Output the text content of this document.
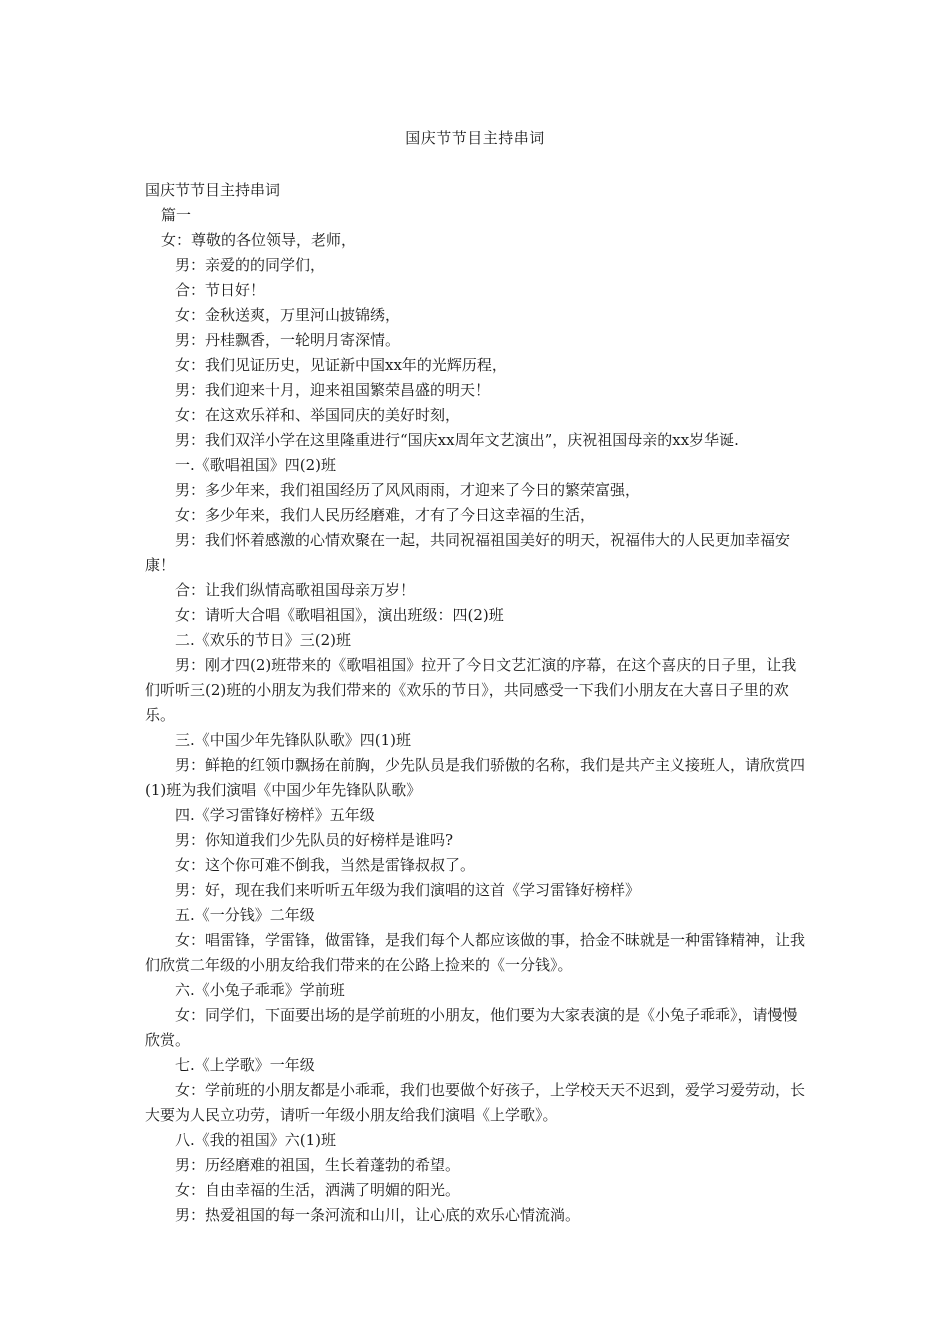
国庆节节目主持串词

国庆节节目主持串词

篇一

女：尊敬的各位领导，老师，

男：亲爱的的同学们，

合：节日好！

女：金秋送爽，万里河山披锦绣，

男：丹桂飘香，一轮明月寄深情。

女：我们见证历史，见证新中国xx年的光辉历程，

男：我们迎来十月，迎来祖国繁荣昌盛的明天！

女：在这欢乐祥和、举国同庆的美好时刻，

男：我们双洋小学在这里隆重进行“国庆xx周年文艺演出”，庆祝祖国母亲的xx岁华诞.

一.《歌唱祖国》四(2)班

男：多少年来，我们祖国经历了风风雨雨，才迎来了今日的繁荣富强，

女：多少年来，我们人民历经磨难，才有了今日这幸福的生活，

男：我们怀着感激的心情欢聚在一起，共同祝福祖国美好的明天，祝福伟大的人民更加幸福安康！

合：让我们纵情高歌祖国母亲万岁！

女：请听大合唱《歌唱祖国》，演出班级：四(2)班

二.《欢乐的节日》三(2)班

男：刚才四(2)班带来的《歌唱祖国》拉开了今日文艺汇演的序幕，在这个喜庆的日子里，让我们听听三(2)班的小朋友为我们带来的《欢乐的节日》，共同感受一下我们小朋友在大喜日子里的欢乐。

三.《中国少年先锋队队歌》四(1)班

男：鲜艳的红领巾飘扬在前胸，少先队员是我们骄傲的名称，我们是共产主义接班人，请欣赏四(1)班为我们演唱《中国少年先锋队队歌》

四.《学习雷锋好榜样》五年级

男：你知道我们少先队员的好榜样是谁吗?

女：这个你可难不倒我，当然是雷锋叔叔了。

男：好，现在我们来听听五年级为我们演唱的这首《学习雷锋好榜样》

五.《一分钱》二年级

女：唱雷锋，学雷锋，做雷锋，是我们每个人都应该做的事，拾金不昧就是一种雷锋精神，让我们欣赏二年级的小朋友给我们带来的在公路上捡来的《一分钱》。

六.《小兔子乖乖》学前班

女：同学们，下面要出场的是学前班的小朋友，他们要为大家表演的是《小兔子乖乖》，请慢慢欣赏。

七.《上学歌》一年级

女：学前班的小朋友都是小乖乖，我们也要做个好孩子，上学校天天不迟到，爱学习爱劳动，长大要为人民立功劳，请听一年级小朋友给我们演唱《上学歌》。

八.《我的祖国》六(1)班

男：历经磨难的祖国，生长着蓬勃的希望。

女：自由幸福的生活，洒满了明媚的阳光。

男：热爱祖国的每一条河流和山川，让心底的欢乐心情流淌。
